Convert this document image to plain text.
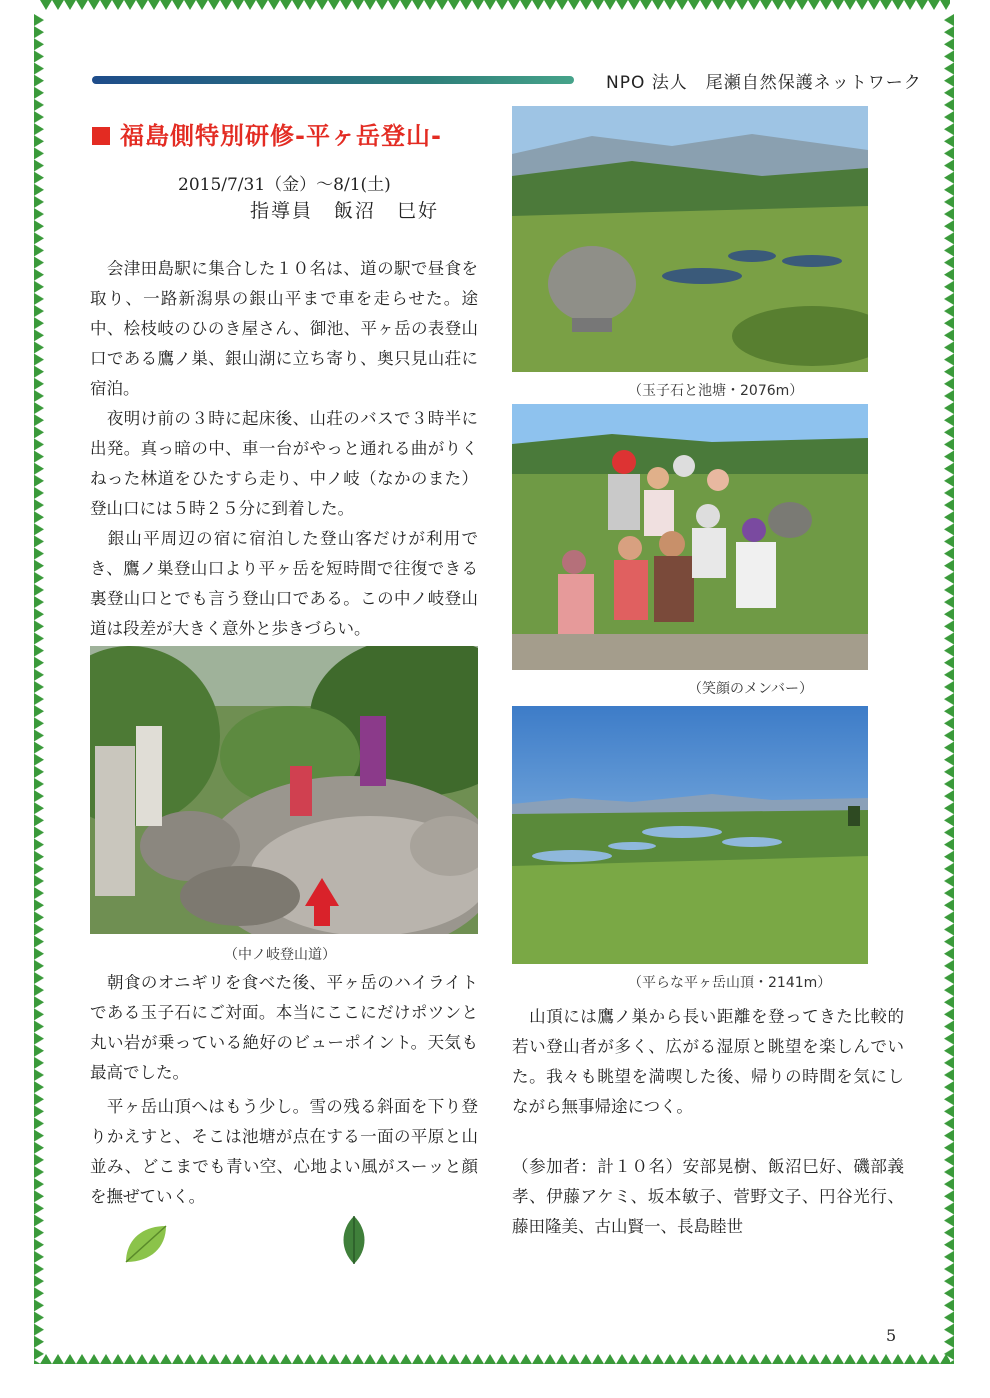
NPO 法人　尾瀬自然保護ネットワーク
福島側特別研修-平ヶ岳登山-
2015/7/31（金）～8/1(土)
指導員　飯沼　巳好

　会津田島駅に集合した１０名は、道の駅で昼食を取り、一路新潟県の銀山平まで車を走らせた。途中、桧枝岐のひのき屋さん、御池、平ヶ岳の表登山口である鷹ノ巣、銀山湖に立ち寄り、奥只見山荘に宿泊。

　夜明け前の３時に起床後、山荘のバスで３時半に出発。真っ暗の中、車一台がやっと通れる曲がりくねった林道をひたすら走り、中ノ岐（なかのまた）登山口には５時２５分に到着した。

　銀山平周辺の宿に宿泊した登山客だけが利用でき、鷹ノ巣登山口より平ヶ岳を短時間で往復できる裏登山口とでも言う登山口である。この中ノ岐登山道は段差が大きく意外と歩きづらい。

（中ノ岐登山道）

　朝食のオニギリを食べた後、平ヶ岳のハイライトである玉子石にご対面。本当にここにだけポツンと丸い岩が乗っている絶好のビューポイント。天気も最高でした。

　平ヶ岳山頂へはもう少し。雪の残る斜面を下り登りかえすと、そこは池塘が点在する一面の平原と山並み、どこまでも青い空、心地よい風がスーッと顔を撫ぜていく。

（玉子石と池塘・2076m）
（笑顔のメンバー）
（平らな平ヶ岳山頂・2141m）

　山頂には鷹ノ巣から長い距離を登ってきた比較的若い登山者が多く、広がる湿原と眺望を楽しんでいた。我々も眺望を満喫した後、帰りの時間を気にしながら無事帰途につく。

（参加者：計１０名）安部晃樹、飯沼巳好、磯部義孝、伊藤アケミ、坂本敏子、菅野文子、円谷光行、藤田隆美、古山賢一、長島睦世

5
